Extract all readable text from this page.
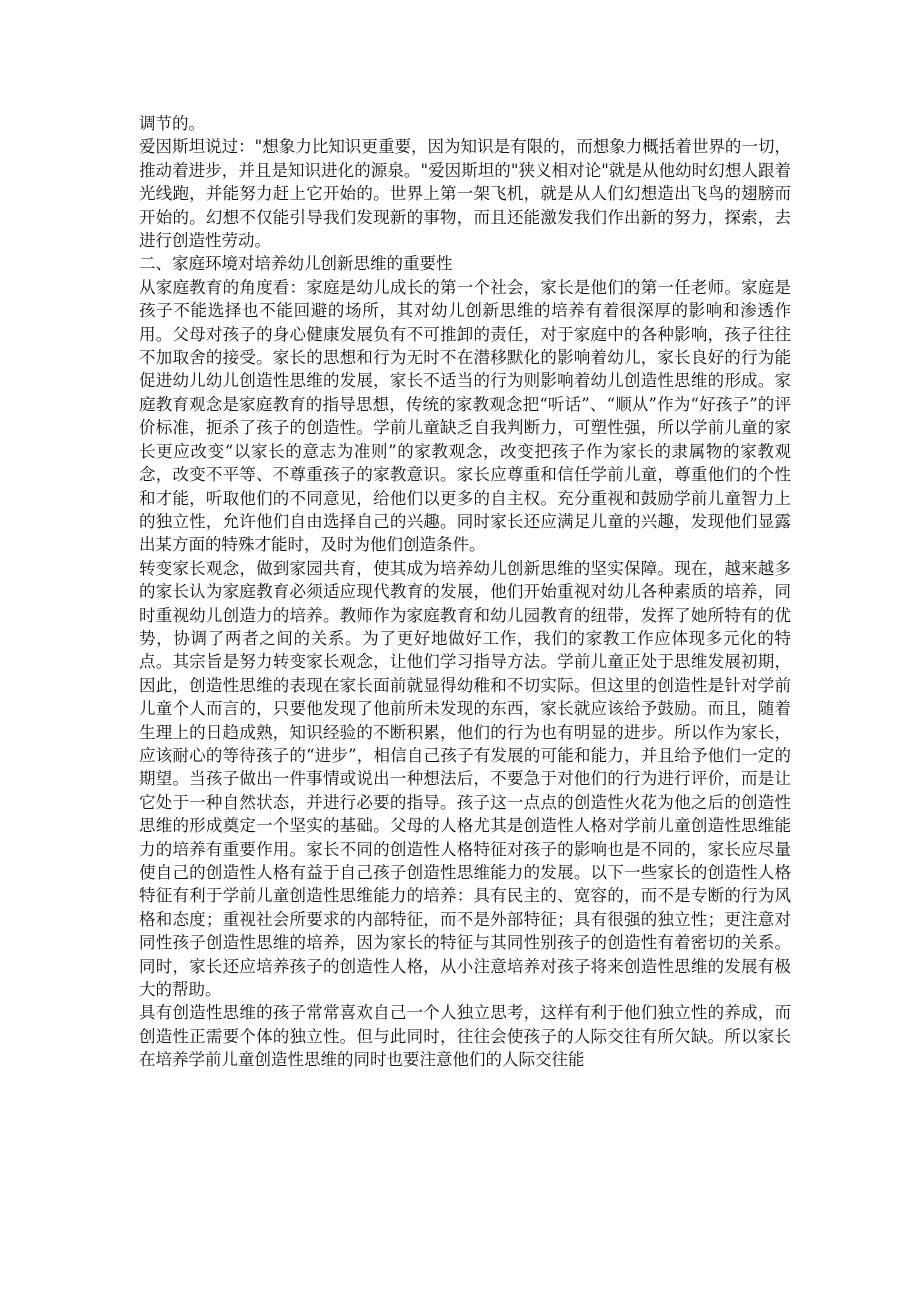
调节的。

爱因斯坦说过："想象力比知识更重要，因为知识是有限的，而想象力概括着世界的一切，推动着进步，并且是知识进化的源泉。"爱因斯坦的"狭义相对论"就是从他幼时幻想人跟着光线跑，并能努力赶上它开始的。世界上第一架飞机，就是从人们幻想造出飞鸟的翅膀而开始的。幻想不仅能引导我们发现新的事物，而且还能激发我们作出新的努力，探索，去进行创造性劳动。

二、家庭环境对培养幼儿创新思维的重要性

从家庭教育的角度看：家庭是幼儿成长的第一个社会，家长是他们的第一任老师。家庭是孩子不能选择也不能回避的场所，其对幼儿创新思维的培养有着很深厚的影响和渗透作用。父母对孩子的身心健康发展负有不可推卸的责任，对于家庭中的各种影响，孩子往往不加取舍的接受。家长的思想和行为无时不在潜移默化的影响着幼儿，家长良好的行为能促进幼儿幼儿创造性思维的发展，家长不适当的行为则影响着幼儿创造性思维的形成。家庭教育观念是家庭教育的指导思想，传统的家教观念把“听话”、“顺从”作为“好孩子”的评价标准，扼杀了孩子的创造性。学前儿童缺乏自我判断力，可塑性强，所以学前儿童的家长更应改变“以家长的意志为准则”的家教观念，改变把孩子作为家长的隶属物的家教观念，改变不平等、不尊重孩子的家教意识。家长应尊重和信任学前儿童，尊重他们的个性和才能，听取他们的不同意见，给他们以更多的自主权。充分重视和鼓励学前儿童智力上的独立性，允许他们自由选择自己的兴趣。同时家长还应满足儿童的兴趣，发现他们显露出某方面的特殊才能时，及时为他们创造条件。

转变家长观念，做到家园共育，使其成为培养幼儿创新思维的坚实保障。现在，越来越多的家长认为家庭教育必须适应现代教育的发展，他们开始重视对幼儿各种素质的培养，同时重视幼儿创造力的培养。教师作为家庭教育和幼儿园教育的纽带，发挥了她所特有的优势，协调了两者之间的关系。为了更好地做好工作，我们的家教工作应体现多元化的特点。其宗旨是努力转变家长观念，让他们学习指导方法。学前儿童正处于思维发展初期，因此，创造性思维的表现在家长面前就显得幼稚和不切实际。但这里的创造性是针对学前儿童个人而言的，只要他发现了他前所未发现的东西，家长就应该给予鼓励。而且，随着生理上的日趋成熟，知识经验的不断积累，他们的行为也有明显的进步。所以作为家长，应该耐心的等待孩子的“进步”，相信自己孩子有发展的可能和能力，并且给予他们一定的期望。当孩子做出一件事情或说出一种想法后，不要急于对他们的行为进行评价，而是让它处于一种自然状态，并进行必要的指导。孩子这一点点的创造性火花为他之后的创造性思维的形成奠定一个坚实的基础。父母的人格尤其是创造性人格对学前儿童创造性思维能力的培养有重要作用。家长不同的创造性人格特征对孩子的影响也是不同的，家长应尽量使自己的创造性人格有益于自己孩子创造性思维能力的发展。以下一些家长的创造性人格特征有利于学前儿童创造性思维能力的培养：具有民主的、宽容的，而不是专断的行为风格和态度；重视社会所要求的内部特征，而不是外部特征；具有很强的独立性；更注意对同性孩子创造性思维的培养，因为家长的特征与其同性别孩子的创造性有着密切的关系。同时，家长还应培养孩子的创造性人格，从小注意培养对孩子将来创造性思维的发展有极大的帮助。

具有创造性思维的孩子常常喜欢自己一个人独立思考，这样有利于他们独立性的养成，而创造性正需要个体的独立性。但与此同时，往往会使孩子的人际交往有所欠缺。所以家长在培养学前儿童创造性思维的同时也要注意他们的人际交往能
